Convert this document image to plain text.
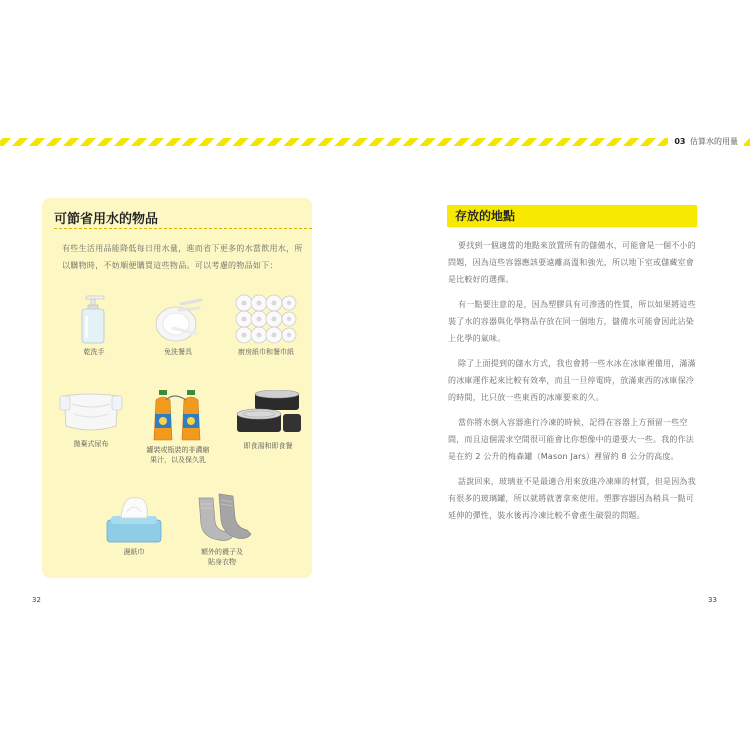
03 估算水的用量
可節省用水的物品
有些生活用品能降低每日用水量，進而省下更多的水當飲用水，所以購物時，不妨順便購買這些物品。可以考慮的物品如下：
乾洗手	免洗餐具	廚房紙巾和餐巾紙
拋棄式尿布
罐裝或瓶裝的非濃縮
果汁，以及保久乳
即食湯和即食餐
濕紙巾	額外的襪子及
貼身衣物
存放的地點
要找到一個適當的地點來放置所有的儲備水，可能會是一個不小的問題，因為這些容器應該要遠離高溫和強光，所以地下室或儲藏室會是比較好的選擇。
有一點要注意的是，因為塑膠具有可滲透的性質，所以如果將這些裝了水的容器與化學物品存放在同一個地方，儲備水可能會因此沾染上化學的氣味。
除了上面提到的儲水方式，我也會將一些水冰在冰庫裡備用，滿滿的冰庫運作起來比較有效率，而且一旦停電時，放滿東西的冰庫保冷的時間，比只放一些東西的冰庫要來的久。
當你將水倒入容器進行冷凍的時候，記得在容器上方預留一些空間，而且這個需求空間很可能會比你想像中的還要大一些。我的作法是在約 2 公升的梅森罐（Mason Jars）裡留約 8 公分的高度。
話說回來，玻璃並不是最適合用來放進冷凍庫的材質，但是因為我有很多的玻璃罐，所以就將就著拿來使用。塑膠容器因為稍具一點可延伸的彈性，裝水後再冷凍比較不會產生破裂的問題。
32	33
